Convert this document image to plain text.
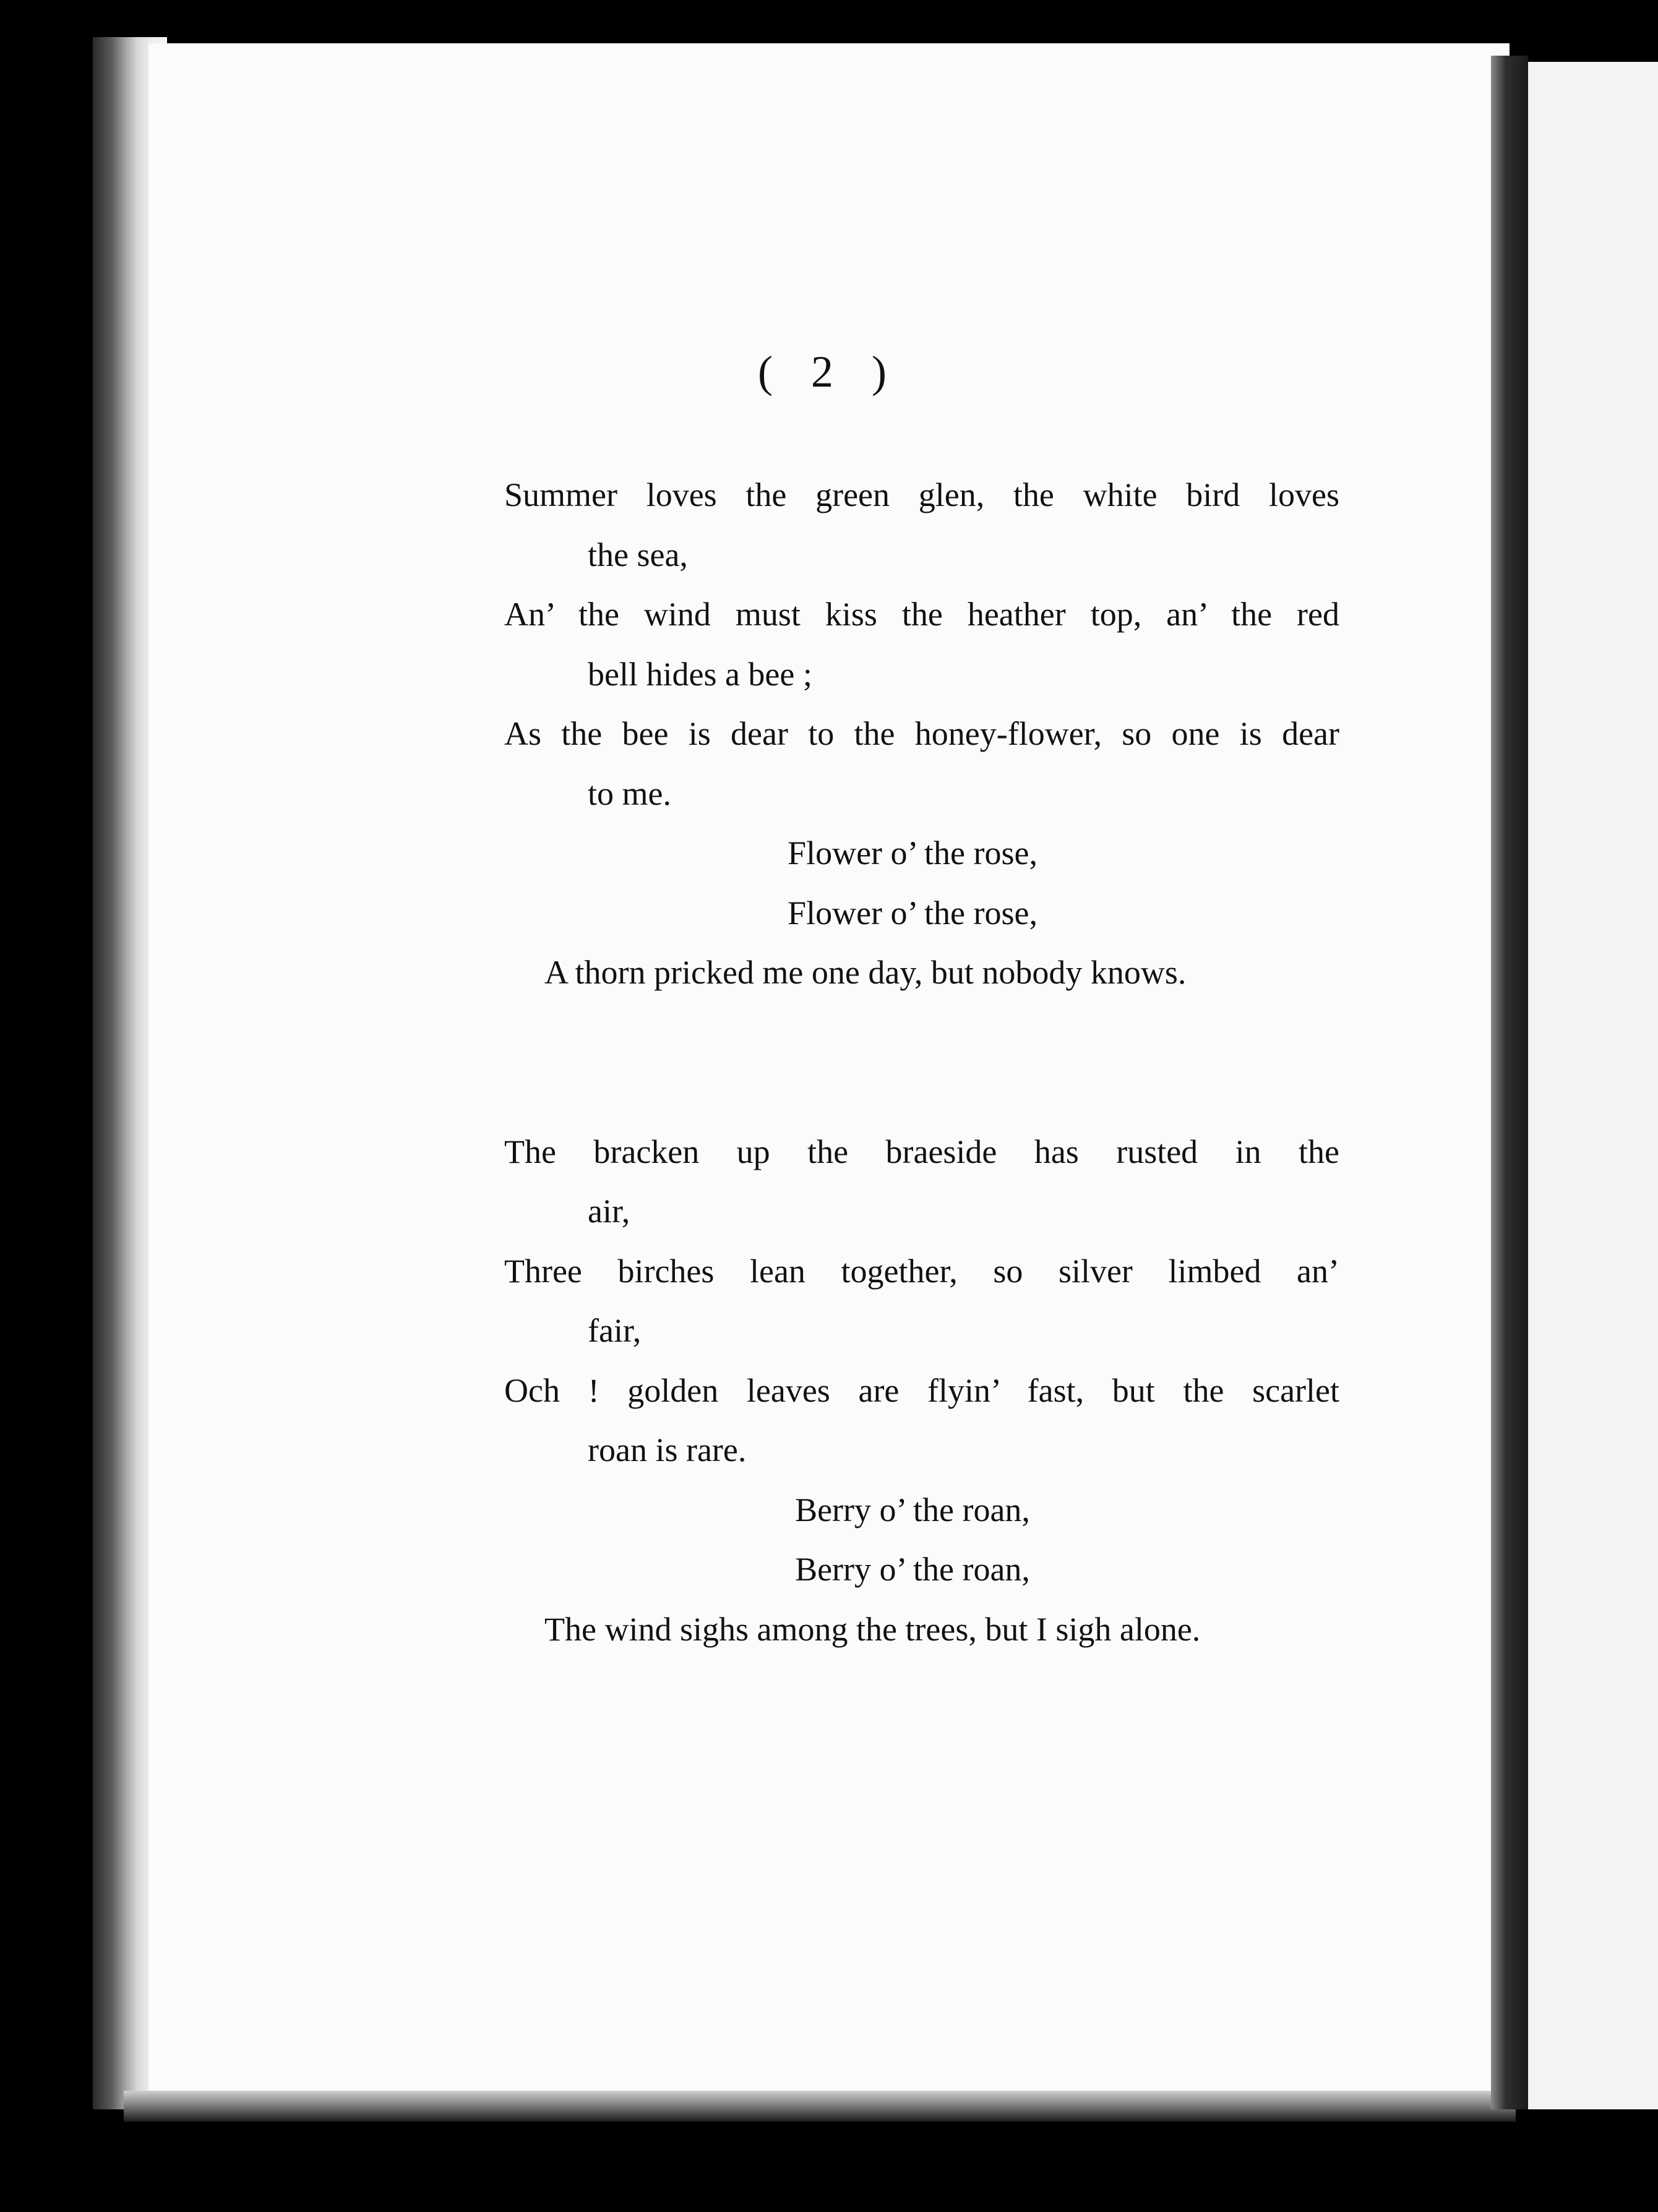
( 2 )
Summer loves the green glen, the white bird loves
the sea,
An’ the wind must kiss the heather top, an’ the red
bell hides a bee ;
As the bee is dear to the honey-flower, so one is dear
to me.
Flower o’ the rose,
Flower o’ the rose,
A thorn pricked me one day, but nobody knows.
The bracken up the braeside has rusted in the
air,
Three birches lean together, so silver limbed an’
fair,
Och ! golden leaves are flyin’ fast, but the scarlet
roan is rare.
Berry o’ the roan,
Berry o’ the roan,
The wind sighs among the trees, but I sigh alone.
